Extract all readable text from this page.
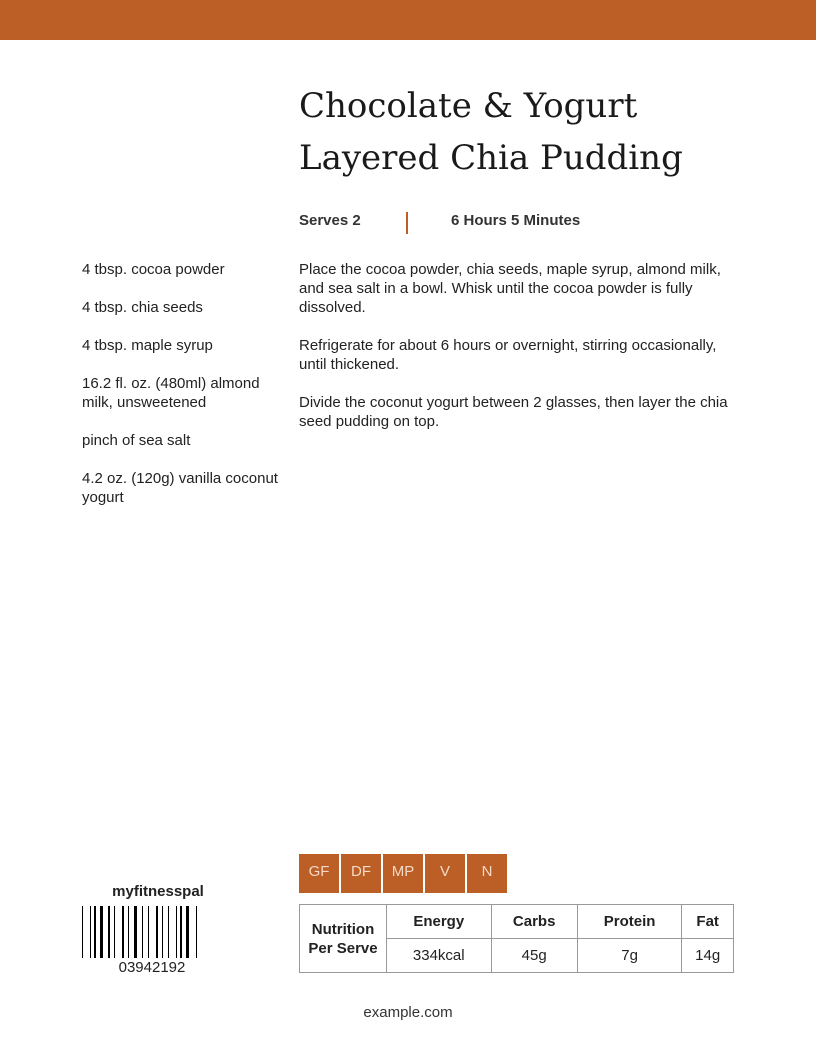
Chocolate & Yogurt
Layered Chia Pudding
Serves 2	6 Hours 5 Minutes
4 tbsp. cocoa powder
4 tbsp. chia seeds
4 tbsp. maple syrup
16.2 fl. oz. (480ml) almond milk, unsweetened
pinch of sea salt
4.2 oz. (120g) vanilla coconut yogurt

Place the cocoa powder, chia seeds, maple syrup, almond milk, and sea salt in a bowl. Whisk until the cocoa powder is fully dissolved.

Refrigerate for about 6 hours or overnight, stirring occasionally, until thickened.

Divide the coconut yogurt between 2 glasses, then layer the chia seed pudding on top.

GF	DF	MP	V	N
Nutrition
Per Serve	Energy	Carbs	Protein	Fat
	334kcal	45g	7g	14g
myfitnesspal
03942192
example.com
